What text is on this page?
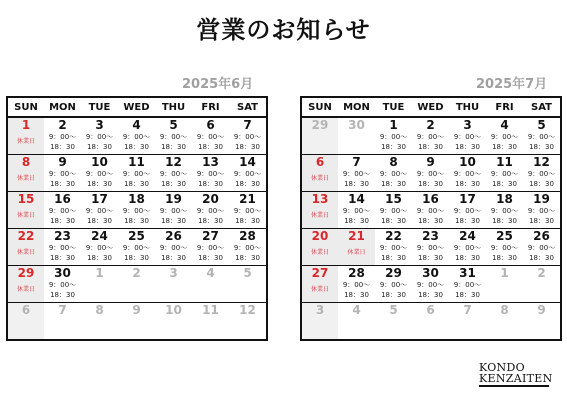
営業のお知らせ
2025年6月
SUN	MON	TUE	WED	THU	FRI	SAT

1
休業日	2
9：00～
18：30	3
9：00～
18：30	4
9：00～
18：30	5
9：00～
18：30	6
9：00～
18：30	7
9：00～
18：30

8
休業日	9
9：00～
18：30	10
9：00～
18：30	11
9：00～
18：30	12
9：00～
18：30	13
9：00～
18：30	14
9：00～
18：30

15
休業日	16
9：00～
18：30	17
9：00～
18：30	18
9：00～
18：30	19
9：00～
18：30	20
9：00～
18：30	21
9：00～
18：30

22
休業日	23
9：00～
18：30	24
9：00～
18：30	25
9：00～
18：30	26
9：00～
18：30	27
9：00～
18：30	28
9：00～
18：30

29
休業日	30
9：00～
18：30	1	2	3	4	5

6	7	8	9	10	11	12
2025年7月
SUN	MON	TUE	WED	THU	FRI	SAT

29	30	1
9：00～
18：30	2
9：00～
18：30	3
9：00～
18：30	4
9：00～
18：30	5
9：00～
18：30

6
休業日	7
9：00～
18：30	8
9：00～
18：30	9
9：00～
18：30	10
9：00～
18：30	11
9：00～
18：30	12
9：00～
18：30

13
休業日	14
9：00～
18：30	15
9：00～
18：30	16
9：00～
18：30	17
9：00～
18：30	18
9：00～
18：30	19
9：00～
18：30

20
休業日	21
休業日	22
9：00～
18：30	23
9：00～
18：30	24
9：00～
18：30	25
9：00～
18：30	26
9：00～
18：30

27
休業日	28
9：00～
18：30	29
9：00～
18：30	30
9：00～
18：30	31
9：00～
18：30	1	2

3	4	5	6	7	8	9
KONDO
KENZAITEN
